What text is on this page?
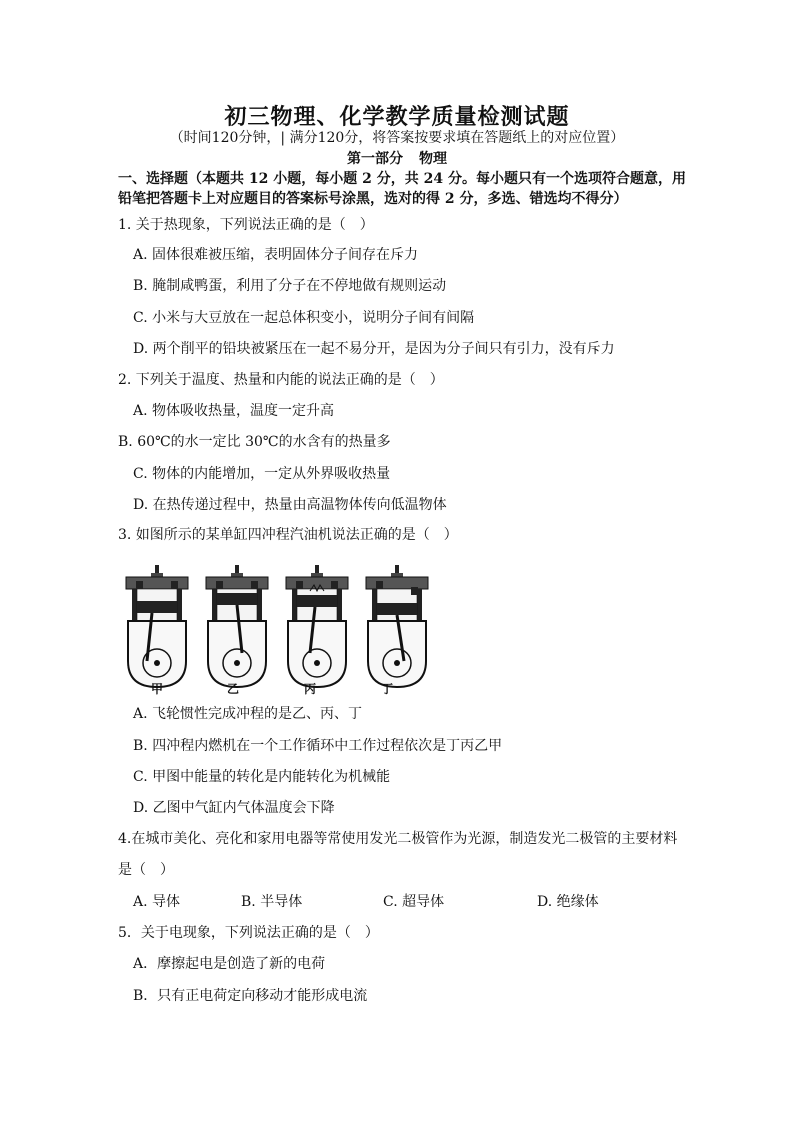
初三物理、化学教学质量检测试题
（时间120分钟，| 满分120分，将答案按要求填在答题纸上的对应位置）
第一部分 物理
一、选择题（本题共 12 小题，每小题 2 分，共 24 分。每小题只有一个选项符合题意，用
铅笔把答题卡上对应题目的答案标号涂黑，选对的得 2 分，多选、错选均不得分）
1. 关于热现象，下列说法正确的是（　）
A. 固体很难被压缩，表明固体分子间存在斥力
B. 腌制咸鸭蛋，利用了分子在不停地做有规则运动
C. 小米与大豆放在一起总体积变小，说明分子间有间隔
D. 两个削平的铅块被紧压在一起不易分开，是因为分子间只有引力，没有斥力
2. 下列关于温度、热量和内能的说法正确的是（　）
A. 物体吸收热量，温度一定升高
B. 60℃的水一定比 30℃的水含有的热量多
C. 物体的内能增加，一定从外界吸收热量
D. 在热传递过程中，热量由高温物体传向低温物体
3. 如图所示的某单缸四冲程汽油机说法正确的是（　）
甲	乙	丙	丁
A. 飞轮惯性完成冲程的是乙、丙、丁
B. 四冲程内燃机在一个工作循环中工作过程依次是丁丙乙甲
C. 甲图中能量的转化是内能转化为机械能
D. 乙图中气缸内气体温度会下降
4.在城市美化、亮化和家用电器等常使用发光二极管作为光源，制造发光二极管的主要材料
是（　）
A. 导体	B. 半导体	C. 超导体	D. 绝缘体
5．关于电现象，下列说法正确的是（　）
A．摩擦起电是创造了新的电荷
B．只有正电荷定向移动才能形成电流
